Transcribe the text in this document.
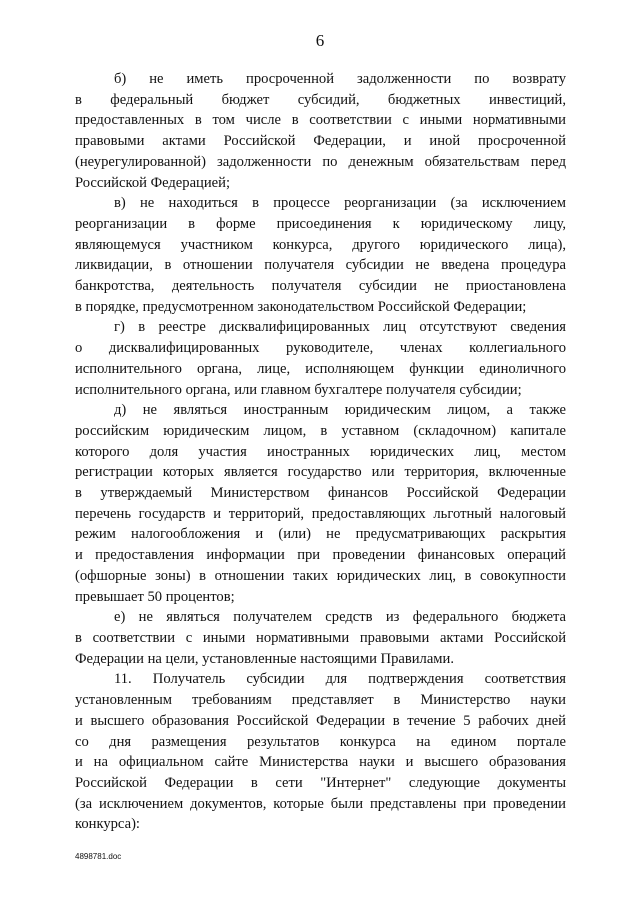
6
б) не иметь просроченной задолженности по возврату
в федеральный бюджет субсидий, бюджетных инвестиций,
предоставленных в том числе в соответствии с иными нормативными
правовыми актами Российской Федерации, и иной просроченной
(неурегулированной) задолженности по денежным обязательствам перед
Российской Федерацией;
в) не находиться в процессе реорганизации (за исключением
реорганизации в форме присоединения к юридическому лицу,
являющемуся участником конкурса, другого юридического лица),
ликвидации, в отношении получателя субсидии не введена процедура
банкротства, деятельность получателя субсидии не приостановлена
в порядке, предусмотренном законодательством Российской Федерации;
г) в реестре дисквалифицированных лиц отсутствуют сведения
о дисквалифицированных руководителе, членах коллегиального
исполнительного органа, лице, исполняющем функции единоличного
исполнительного органа, или главном бухгалтере получателя субсидии;
д) не являться иностранным юридическим лицом, а также
российским юридическим лицом, в уставном (складочном) капитале
которого доля участия иностранных юридических лиц, местом
регистрации которых является государство или территория, включенные
в утверждаемый Министерством финансов Российской Федерации
перечень государств и территорий, предоставляющих льготный налоговый
режим налогообложения и (или) не предусматривающих раскрытия
и предоставления информации при проведении финансовых операций
(офшорные зоны) в отношении таких юридических лиц, в совокупности
превышает 50 процентов;
е) не являться получателем средств из федерального бюджета
в соответствии с иными нормативными правовыми актами Российской
Федерации на цели, установленные настоящими Правилами.
11. Получатель субсидии для подтверждения соответствия
установленным требованиям представляет в Министерство науки
и высшего образования Российской Федерации в течение 5 рабочих дней
со дня размещения результатов конкурса на едином портале
и на официальном сайте Министерства науки и высшего образования
Российской Федерации в сети "Интернет" следующие документы
(за исключением документов, которые были представлены при проведении
конкурса):
4898781.doc
